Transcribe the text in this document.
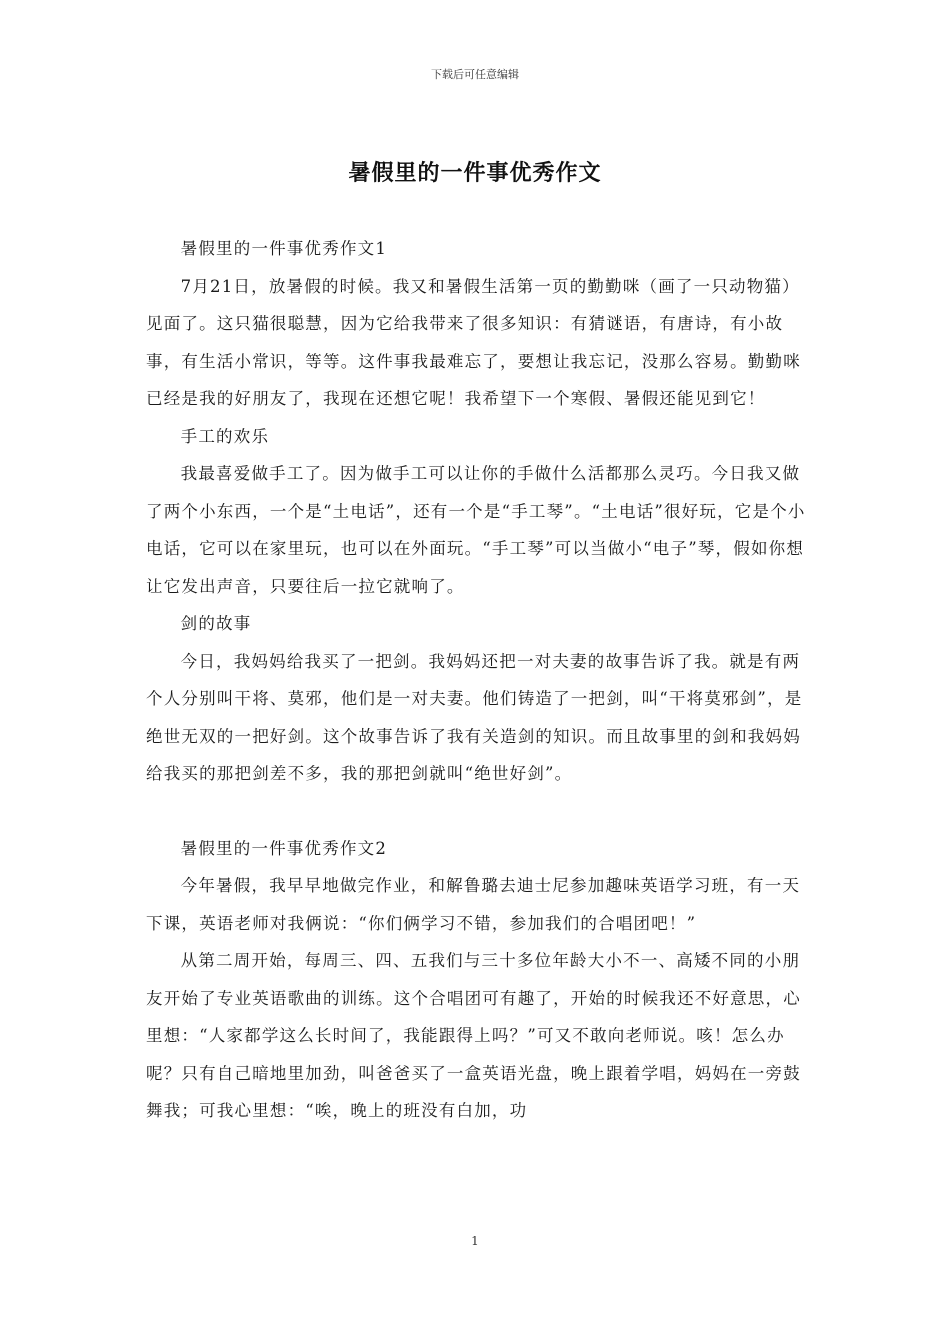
下载后可任意编辑
暑假里的一件事优秀作文

暑假里的一件事优秀作文1

7月21日，放暑假的时候。我又和暑假生活第一页的勤勤咪（画了一只动物猫）见面了。这只猫很聪慧，因为它给我带来了很多知识：有猜谜语，有唐诗，有小故事，有生活小常识，等等。这件事我最难忘了，要想让我忘记，没那么容易。勤勤咪已经是我的好朋友了，我现在还想它呢！我希望下一个寒假、暑假还能见到它！

手工的欢乐

我最喜爱做手工了。因为做手工可以让你的手做什么活都那么灵巧。今日我又做了两个小东西，一个是“土电话”，还有一个是“手工琴”。“土电话”很好玩，它是个小电话，它可以在家里玩，也可以在外面玩。“手工琴”可以当做小“电子”琴，假如你想让它发出声音，只要往后一拉它就响了。

剑的故事

今日，我妈妈给我买了一把剑。我妈妈还把一对夫妻的故事告诉了我。就是有两个人分别叫干将、莫邪，他们是一对夫妻。他们铸造了一把剑，叫“干将莫邪剑”，是绝世无双的一把好剑。这个故事告诉了我有关造剑的知识。而且故事里的剑和我妈妈给我买的那把剑差不多，我的那把剑就叫“绝世好剑”。

暑假里的一件事优秀作文2

今年暑假，我早早地做完作业，和解鲁璐去迪士尼参加趣味英语学习班，有一天下课，英语老师对我俩说：“你们俩学习不错，参加我们的合唱团吧！”

从第二周开始，每周三、四、五我们与三十多位年龄大小不一、高矮不同的小朋友开始了专业英语歌曲的训练。这个合唱团可有趣了，开始的时候我还不好意思，心里想：“人家都学这么长时间了，我能跟得上吗？”可又不敢向老师说。咳！怎么办呢？只有自己暗地里加劲，叫爸爸买了一盒英语光盘，晚上跟着学唱，妈妈在一旁鼓舞我；可我心里想：“唉，晚上的班没有白加，功

1
